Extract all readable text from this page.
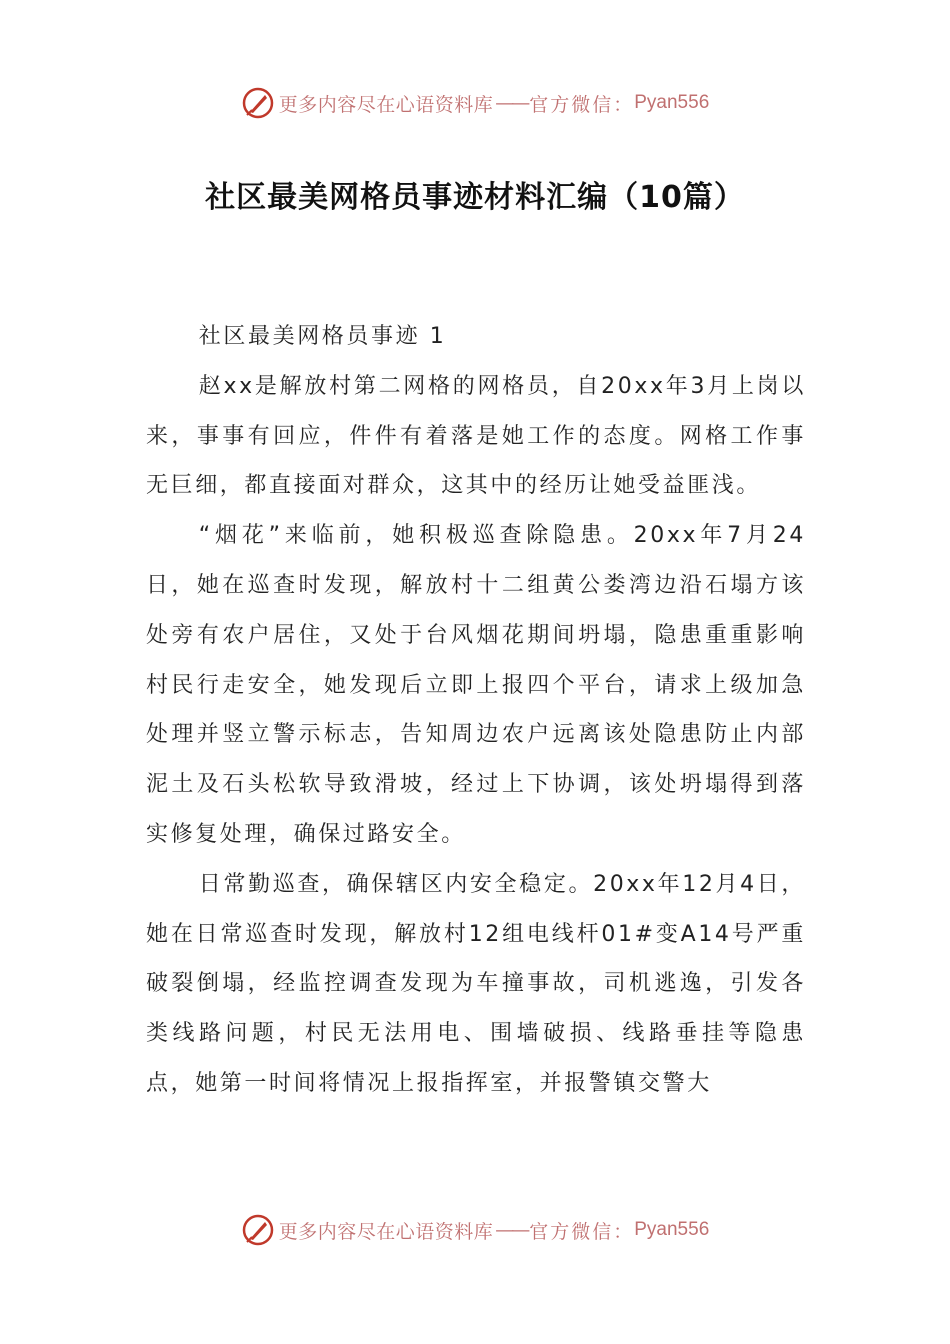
更多内容尽在心语资料库 —— 官方微信： Pyan556
社区最美网格员事迹材料汇编（10篇）

社区最美网格员事迹 1

赵xx是解放村第二网格的网格员，自20xx年3月上岗以来，事事有回应，件件有着落是她工作的态度。网格工作事无巨细，都直接面对群众，这其中的经历让她受益匪浅。

“烟花”来临前，她积极巡查除隐患。20xx年7月24日，她在巡查时发现，解放村十二组黄公娄湾边沿石塌方该处旁有农户居住，又处于台风烟花期间坍塌，隐患重重影响村民行走安全，她发现后立即上报四个平台，请求上级加急处理并竖立警示标志，告知周边农户远离该处隐患防止内部泥土及石头松软导致滑坡，经过上下协调，该处坍塌得到落实修复处理，确保过路安全。

日常勤巡查，确保辖区内安全稳定。20xx年12月4日，她在日常巡查时发现，解放村12组电线杆01#变A14号严重破裂倒塌，经监控调查发现为车撞事故，司机逃逸，引发各类线路问题，村民无法用电、围墙破损、线路垂挂等隐患点，她第一时间将情况上报指挥室，并报警镇交警大

更多内容尽在心语资料库 —— 官方微信： Pyan556
